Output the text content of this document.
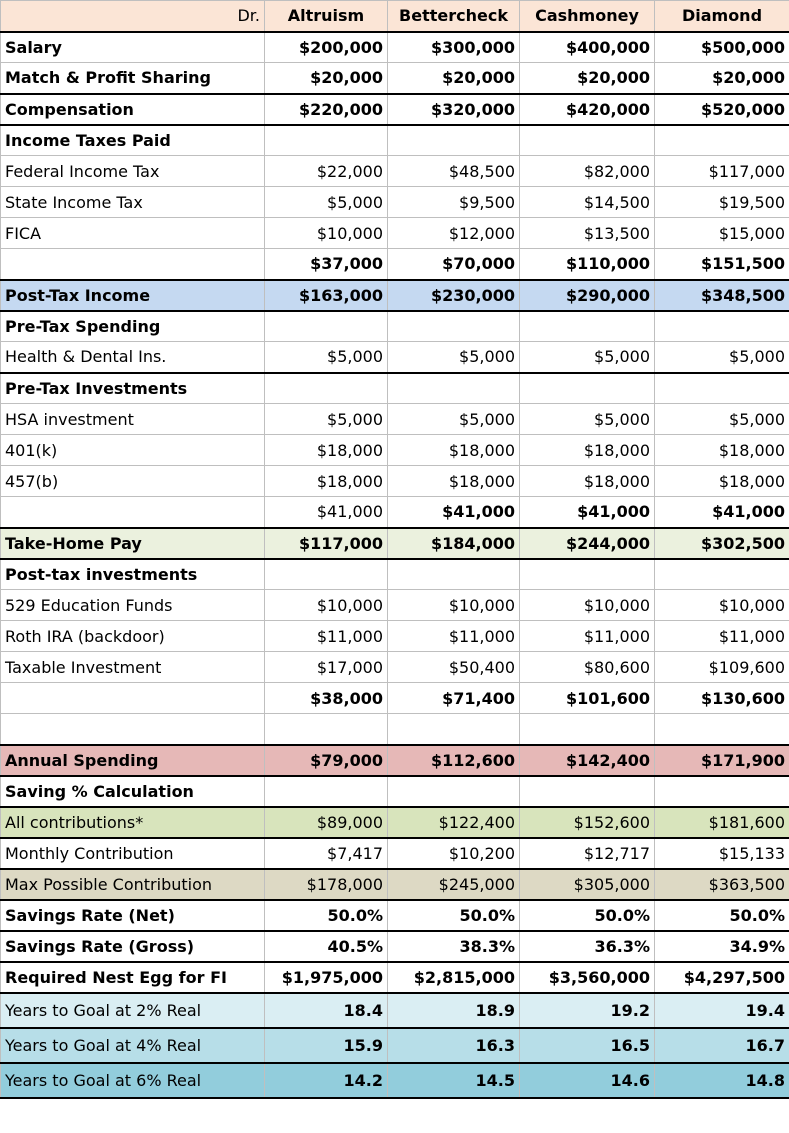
Dr.	Altruism	Bettercheck	Cashmoney	Diamond
Salary	$200,000	$300,000	$400,000	$500,000
Match & Profit Sharing	$20,000	$20,000	$20,000	$20,000
Compensation	$220,000	$320,000	$420,000	$520,000
Income Taxes Paid				
Federal Income Tax	$22,000	$48,500	$82,000	$117,000
State Income Tax	$5,000	$9,500	$14,500	$19,500
FICA	$10,000	$12,000	$13,500	$15,000
	$37,000	$70,000	$110,000	$151,500
Post-Tax Income	$163,000	$230,000	$290,000	$348,500
Pre-Tax Spending				
Health & Dental Ins.	$5,000	$5,000	$5,000	$5,000
Pre-Tax Investments				
HSA investment	$5,000	$5,000	$5,000	$5,000
401(k)	$18,000	$18,000	$18,000	$18,000
457(b)	$18,000	$18,000	$18,000	$18,000
	$41,000	$41,000	$41,000	$41,000
Take-Home Pay	$117,000	$184,000	$244,000	$302,500
Post-tax investments				
529 Education Funds	$10,000	$10,000	$10,000	$10,000
Roth IRA (backdoor)	$11,000	$11,000	$11,000	$11,000
Taxable Investment	$17,000	$50,400	$80,600	$109,600
	$38,000	$71,400	$101,600	$130,600

Annual Spending	$79,000	$112,600	$142,400	$171,900
Saving % Calculation				
All contributions*	$89,000	$122,400	$152,600	$181,600
Monthly Contribution	$7,417	$10,200	$12,717	$15,133
Max Possible Contribution	$178,000	$245,000	$305,000	$363,500
Savings Rate (Net)	50.0%	50.0%	50.0%	50.0%
Savings Rate (Gross)	40.5%	38.3%	36.3%	34.9%
Required Nest Egg for FI	$1,975,000	$2,815,000	$3,560,000	$4,297,500
Years to Goal at 2% Real	18.4	18.9	19.2	19.4
Years to Goal at 4% Real	15.9	16.3	16.5	16.7
Years to Goal at 6% Real	14.2	14.5	14.6	14.8
